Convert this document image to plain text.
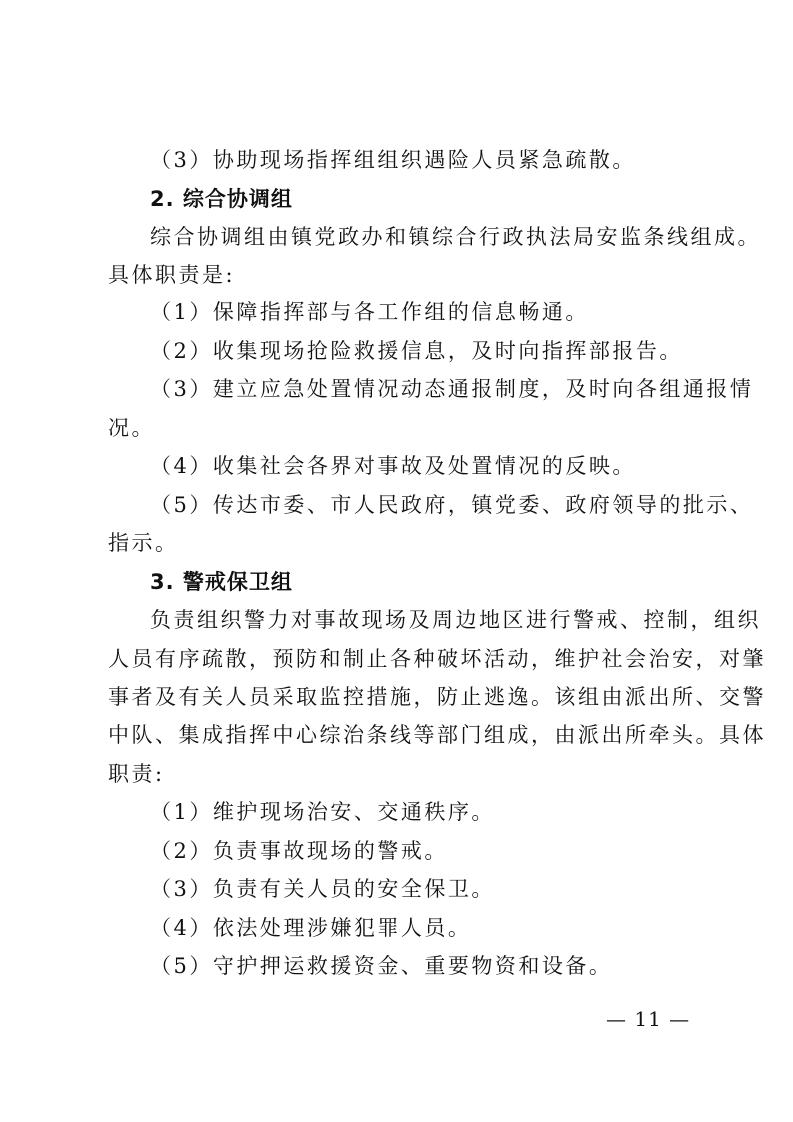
（3）协助现场指挥组组织遇险人员紧急疏散。
2. 综合协调组
综合协调组由镇党政办和镇综合行政执法局安监条线组成。
具体职责是:
（1）保障指挥部与各工作组的信息畅通。
（2）收集现场抢险救援信息，及时向指挥部报告。
（3）建立应急处置情况动态通报制度，及时向各组通报情
况。
（4）收集社会各界对事故及处置情况的反映。
（5）传达市委、市人民政府，镇党委、政府领导的批示、
指示。
3. 警戒保卫组
负责组织警力对事故现场及周边地区进行警戒、控制，组织
人员有序疏散，预防和制止各种破坏活动，维护社会治安，对肇
事者及有关人员采取监控措施，防止逃逸。该组由派出所、交警
中队、集成指挥中心综治条线等部门组成，由派出所牵头。具体
职责:
（1）维护现场治安、交通秩序。
（2）负责事故现场的警戒。
（3）负责有关人员的安全保卫。
（4）依法处理涉嫌犯罪人员。
（5）守护押运救援资金、重要物资和设备。
— 11 —
